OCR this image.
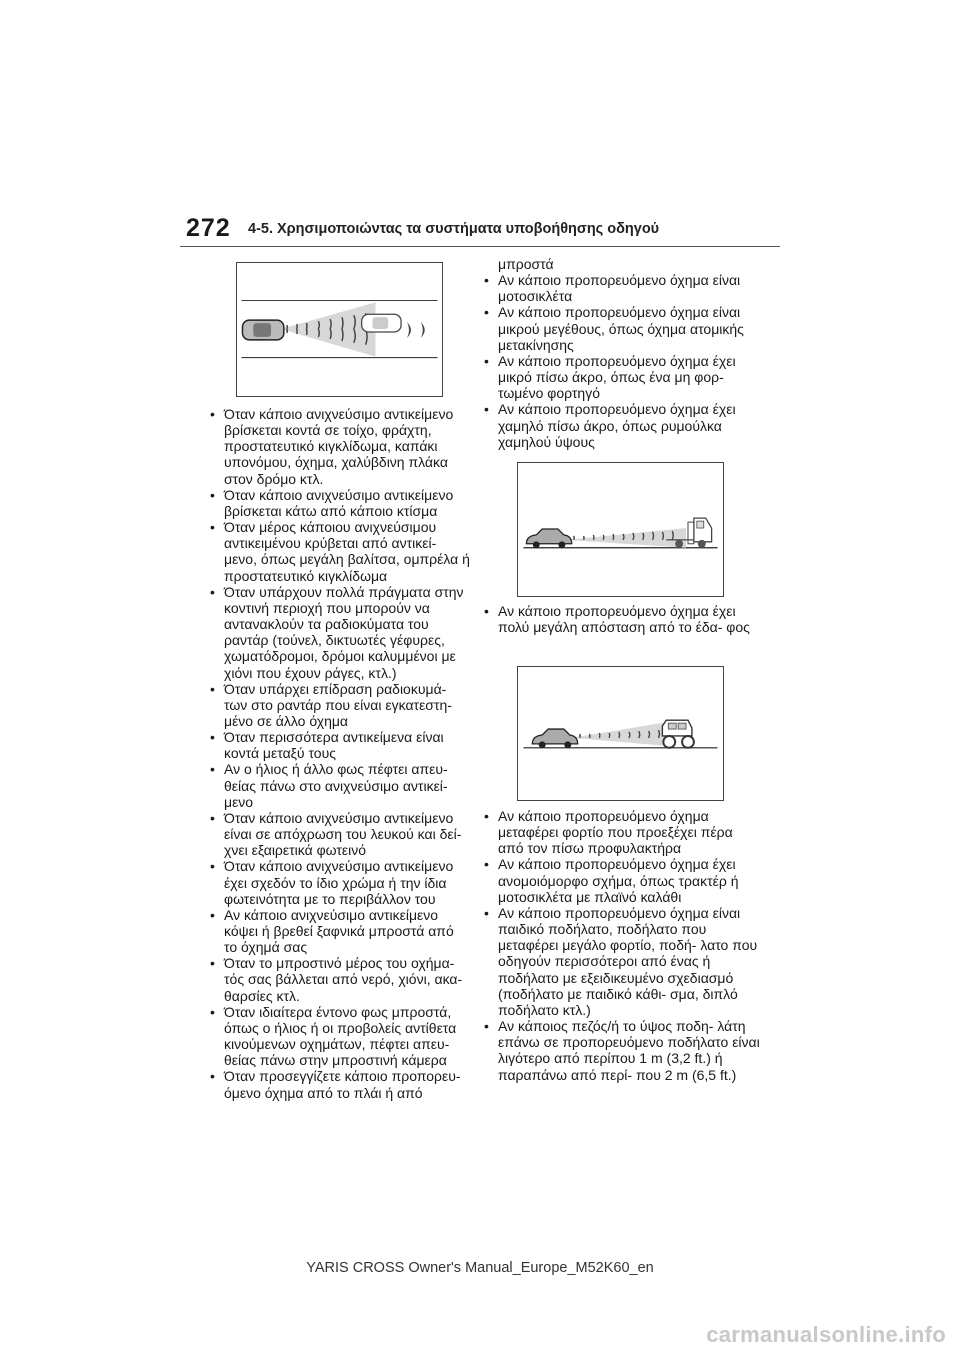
272 4-5. Χρησιμοποιώντας τα συστήματα υποβοήθησης οδηγού
• Όταν κάποιο ανιχνεύσιμο αντικείμενο βρίσκεται κοντά σε τοίχο, φράχτη, προστατευτικό κιγκλίδωμα, καπάκι υπονόμου, όχημα, χαλύβδινη πλάκα στον δρόμο κτλ.
• Όταν κάποιο ανιχνεύσιμο αντικείμενο βρίσκεται κάτω από κάποιο κτίσμα
• Όταν μέρος κάποιου ανιχνεύσιμου αντικειμένου κρύβεται από αντικεί- μενο, όπως μεγάλη βαλίτσα, ομπρέλα ή προστατευτικό κιγκλίδωμα
• Όταν υπάρχουν πολλά πράγματα στην κοντινή περιοχή που μπορούν να αντανακλούν τα ραδιοκύματα του ραντάρ (τούνελ, δικτυωτές γέφυρες, χωματόδρομοι, δρόμοι καλυμμένοι με χιόνι που έχουν ράγες, κτλ.)
• Όταν υπάρχει επίδραση ραδιοκυμά- των στο ραντάρ που είναι εγκατεστη- μένο σε άλλο όχημα
• Όταν περισσότερα αντικείμενα είναι κοντά μεταξύ τους
• Αν ο ήλιος ή άλλο φως πέφτει απευ- θείας πάνω στο ανιχνεύσιμο αντικεί- μενο
• Όταν κάποιο ανιχνεύσιμο αντικείμενο είναι σε απόχρωση του λευκού και δεί- χνει εξαιρετικά φωτεινό
• Όταν κάποιο ανιχνεύσιμο αντικείμενο έχει σχεδόν το ίδιο χρώμα ή την ίδια φωτεινότητα με το περιβάλλον του
• Αν κάποιο ανιχνεύσιμο αντικείμενο κόψει ή βρεθεί ξαφνικά μπροστά από το όχημά σας
• Όταν το μπροστινό μέρος του οχήμα- τός σας βάλλεται από νερό, χιόνι, ακα- θαρσίες κτλ.
• Όταν ιδιαίτερα έντονο φως μπροστά, όπως ο ήλιος ή οι προβολείς αντίθετα κινούμενων οχημάτων, πέφτει απευ- θείας πάνω στην μπροστινή κάμερα
• Όταν προσεγγίζετε κάποιο προπορευ- όμενο όχημα από το πλάι ή από
μπροστά
• Αν κάποιο προπορευόμενο όχημα είναι μοτοσικλέτα
• Αν κάποιο προπορευόμενο όχημα είναι μικρού μεγέθους, όπως όχημα ατομικής μετακίνησης
• Αν κάποιο προπορευόμενο όχημα έχει μικρό πίσω άκρο, όπως ένα μη φορ- τωμένο φορτηγό
• Αν κάποιο προπορευόμενο όχημα έχει χαμηλό πίσω άκρο, όπως ρυμούλκα χαμηλού ύψους
• Αν κάποιο προπορευόμενο όχημα έχει πολύ μεγάλη απόσταση από το έδα- φος
• Αν κάποιο προπορευόμενο όχημα μεταφέρει φορτίο που προεξέχει πέρα από τον πίσω προφυλακτήρα
• Αν κάποιο προπορευόμενο όχημα έχει ανομοιόμορφο σχήμα, όπως τρακτέρ ή μοτοσικλέτα με πλαϊνό καλάθι
• Αν κάποιο προπορευόμενο όχημα είναι παιδικό ποδήλατο, ποδήλατο που μεταφέρει μεγάλο φορτίο, ποδή- λατο που οδηγούν περισσότεροι από ένας ή ποδήλατο με εξειδικευμένο σχεδιασμό (ποδήλατο με παιδικό κάθι- σμα, διπλό ποδήλατο κτλ.)
• Αν κάποιος πεζός/ή το ύψος ποδη- λάτη επάνω σε προπορευόμενο ποδήλατο είναι λιγότερο από περίπου 1 m (3,2 ft.) ή παραπάνω από περί- που 2 m (6,5 ft.)
YARIS CROSS Owner's Manual_Europe_M52K60_en
carmanualsonline.info
